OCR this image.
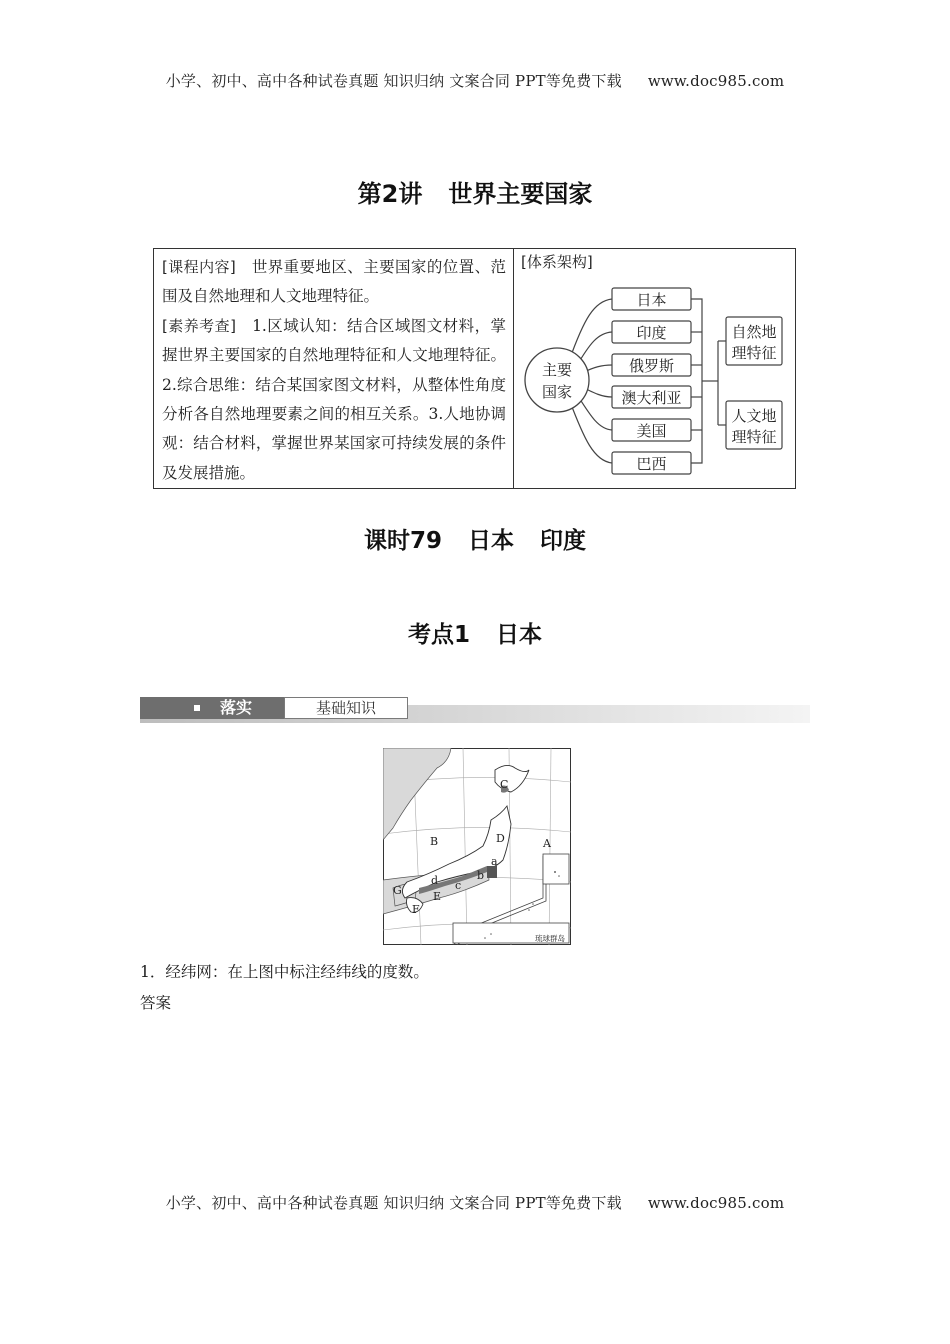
小学、初中、高中各种试卷真题 知识归纳 文案合同 PPT等免费下载 www.doc985.com
第2讲 世界主要国家
[课程内容] 世界重要地区、主要国家的位置、范围及自然地理和人文地理特征。
[素养考查] 1.区域认知：结合区域图文材料，掌握世界主要国家的自然地理特征和人文地理特征。2.综合思维：结合某国家图文材料，从整体性角度分析各自然地理要素之间的相互关系。3.人地协调观：结合材料，掌握世界某国家可持续发展的条件及发展措施。
[体系架构]
主要
国家
日本
印度
俄罗斯
澳大利亚
美国
巴西
自然地
理特征
人文地
理特征
课时79 日本 印度
考点1 日本
落实	基础知识
A
B
C
D
E
F
G
a
b
c
d
琉球群岛
1．经纬网：在上图中标注经纬线的度数。
答案
小学、初中、高中各种试卷真题 知识归纳 文案合同 PPT等免费下载 www.doc985.com
